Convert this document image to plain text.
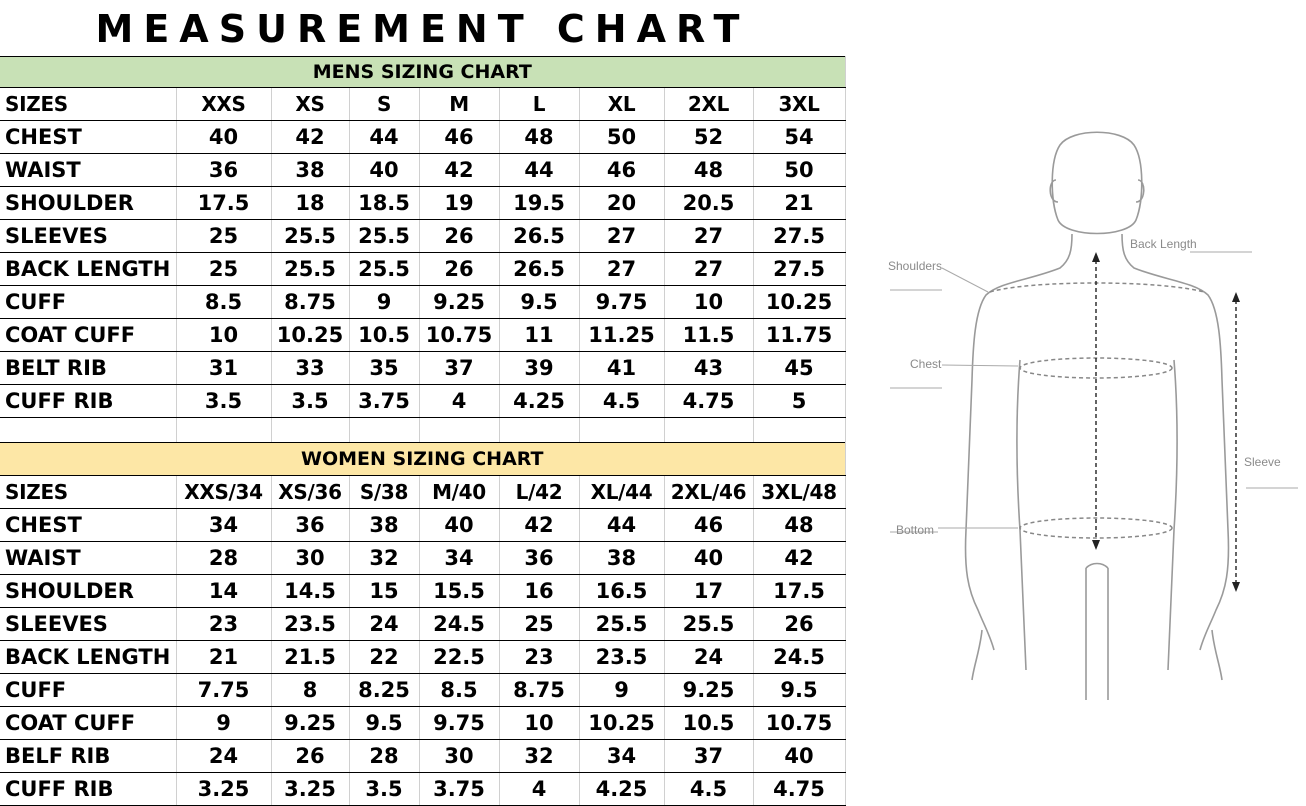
MEASUREMENT CHART
MENS SIZING CHART								
SIZES	XXS	XS	S	M	L	XL	2XL	3XL
CHEST	40	42	44	46	48	50	52	54
WAIST	36	38	40	42	44	46	48	50
SHOULDER	17.5	18	18.5	19	19.5	20	20.5	21
SLEEVES	25	25.5	25.5	26	26.5	27	27	27.5
BACK LENGTH	25	25.5	25.5	26	26.5	27	27	27.5
CUFF	8.5	8.75	9	9.25	9.5	9.75	10	10.25
COAT CUFF	10	10.25	10.5	10.75	11	11.25	11.5	11.75
BELT RIB	31	33	35	37	39	41	43	45
CUFF RIB	3.5	3.5	3.75	4	4.25	4.5	4.75	5

WOMEN SIZING CHART								
SIZES	XXS/34	XS/36	S/38	M/40	L/42	XL/44	2XL/46	3XL/48
CHEST	34	36	38	40	42	44	46	48
WAIST	28	30	32	34	36	38	40	42
SHOULDER	14	14.5	15	15.5	16	16.5	17	17.5
SLEEVES	23	23.5	24	24.5	25	25.5	25.5	26
BACK LENGTH	21	21.5	22	22.5	23	23.5	24	24.5
CUFF	7.75	8	8.25	8.5	8.75	9	9.25	9.5
COAT CUFF	9	9.25	9.5	9.75	10	10.25	10.5	10.75
BELF RIB	24	26	28	30	32	34	37	40
CUFF RIB	3.25	3.25	3.5	3.75	4	4.25	4.5	4.75
Shoulders
Back Length
Chest
Sleeve
Bottom
